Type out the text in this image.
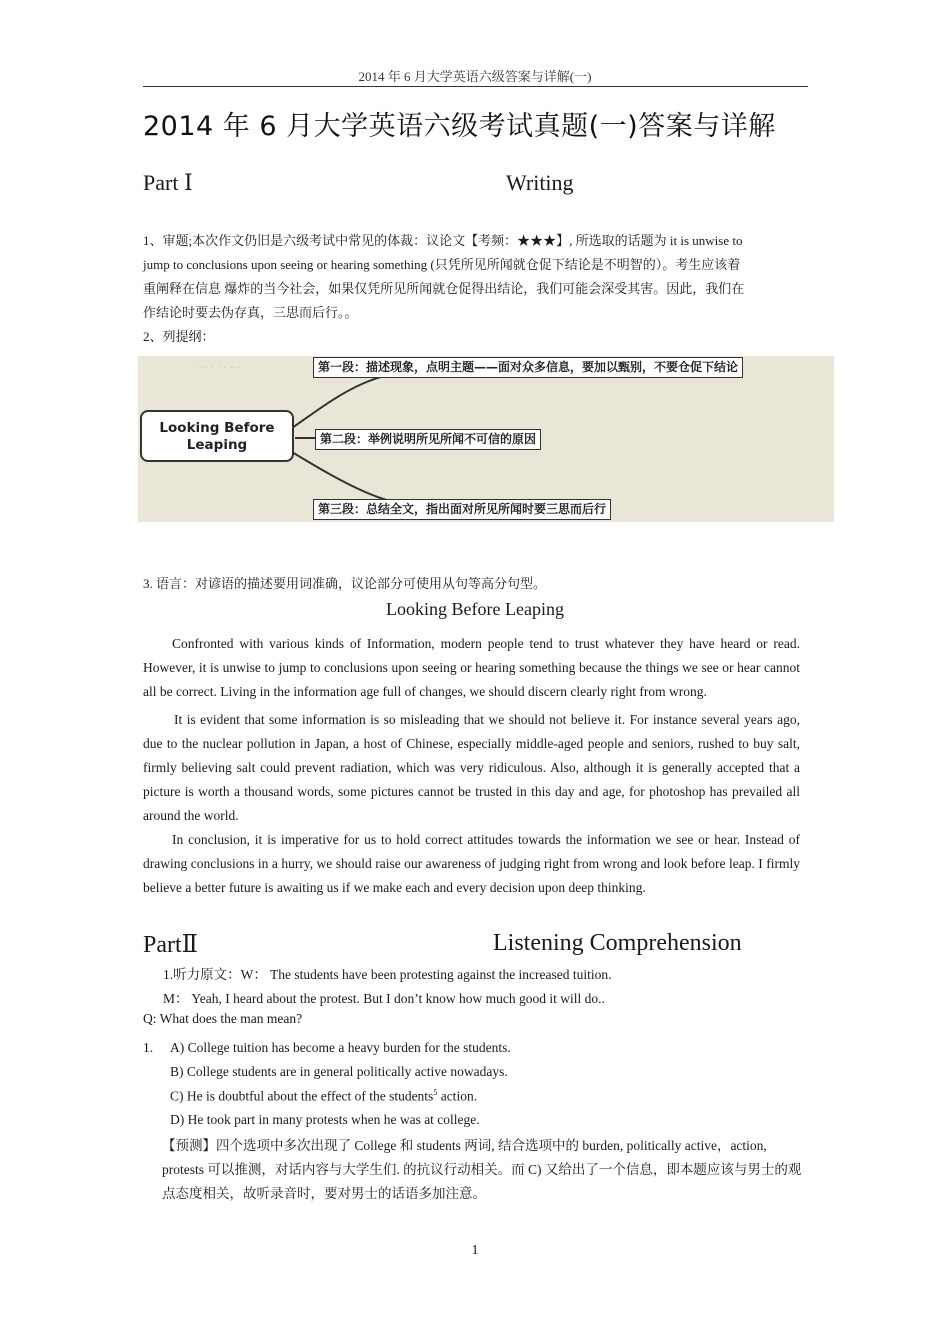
2014 年 6 月大学英语六级答案与详解(一)
2014 年 6 月大学英语六级考试真题(一)答案与详解
Part Ⅰ	Writing
1、审题;本次作文仍旧是六级考试中常见的体裁：议论文【考频：★★★】, 所选取的话题为 it is unwise to
jump to conclusions upon seeing or hearing something (只凭所见所闻就仓促下结论是不明智的）。考生应该着
重阐释在信息 爆炸的当今社会，如果仅凭所见所闻就仓促得出结论，我们可能会深受其害。因此，我们在
作结论时要去伪存真，三思而后行。。
2、列提纲：
· · · · · · ·
Looking Before
Leaping
第一段：描述现象，点明主题——面对众多信息，要加以甄别，不要仓促下结论
第二段：举例说明所见所闻不可信的原因
第三段：总结全文，指出面对所见所闻时要三思而后行
3. 语言：对谚语的描述要用词准确，议论部分可使用从句等高分句型。
Looking Before Leaping
Confronted with various kinds of Information, modern people tend to trust whatever they have heard or read. However, it is unwise to jump to conclusions upon seeing or hearing something because the things we see or hear cannot all be correct. Living in the information age full of changes, we should discern clearly right from wrong.
It is evident that some information is so misleading that we should not believe it. For instance several years ago, due to the nuclear pollution in Japan, a host of Chinese, especially middle-aged people and seniors, rushed to buy salt, firmly believing salt could prevent radiation, which was very ridiculous. Also, although it is generally accepted that a picture is worth a thousand words, some pictures cannot be trusted in this day and age, for photoshop has prevailed all around the world.
In conclusion, it is imperative for us to hold correct attitudes towards the information we see or hear. Instead of drawing conclusions in a hurry, we should raise our awareness of judging right from wrong and look before leap. I firmly believe a better future is awaiting us if we make each and every decision upon deep thinking.
PartⅡ	Listening Comprehension
1.听力原文：W： The students have been protesting against the increased tuition.
M： Yeah, I heard about the protest. But I don’t know how much good it will do..
Q: What does the man mean?
1. A) College tuition has become a heavy burden for the students.
B) College students are in general politically active nowadays.
C) He is doubtful about the effect of the students$^5$ action.
D) He took part in many protests when he was at college.
【预测】四个选项中多次出现了 College 和 students 两词, 结合选项中的 burden, politically active，action, protests 可以推测，对话内容与大学生们. 的抗议行动相关。而 C) 又给出了一个信息，即本题应该与男士的观点态度相关，故听录音时，要对男士的话语多加注意。
1
